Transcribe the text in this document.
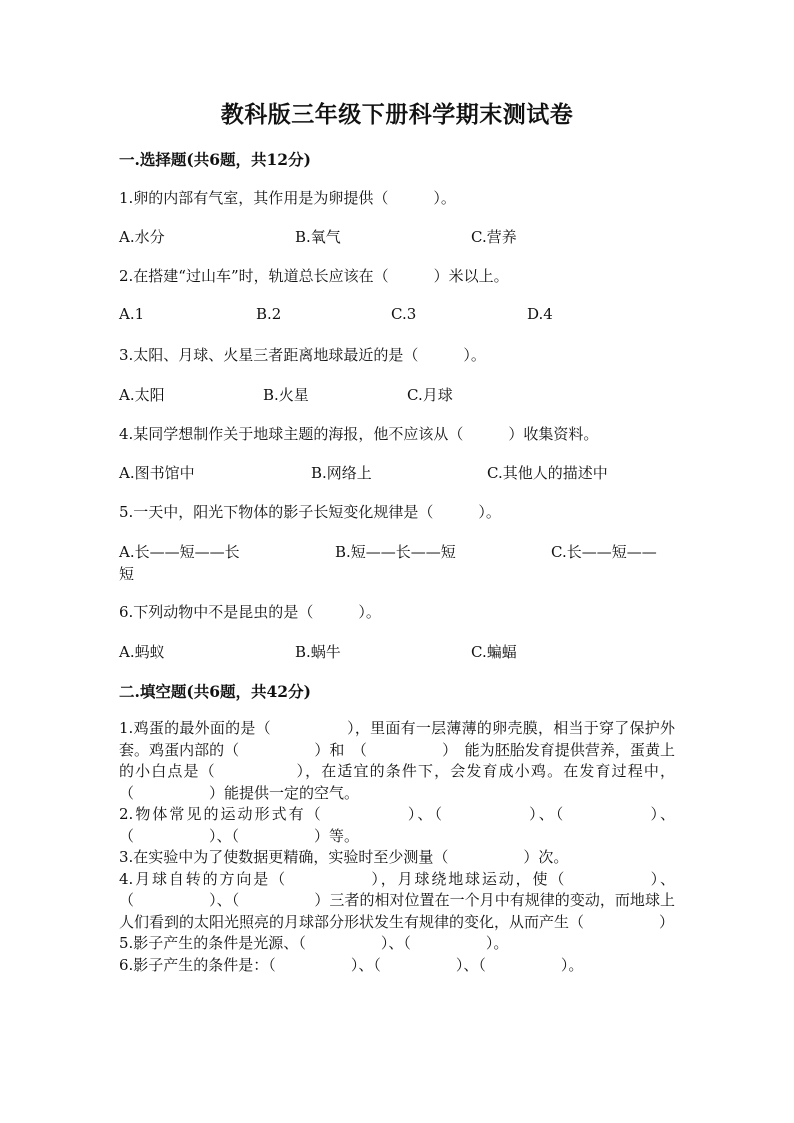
教科版三年级下册科学期末测试卷
一.选择题(共6题，共12分)
1.卵的内部有气室，其作用是为卵提供（　　　）。
A.水分	B.氧气	C.营养
2.在搭建“过山车”时，轨道总长应该在（　　　）米以上。
A.1	B.2	C.3	D.4
3.太阳、月球、火星三者距离地球最近的是（　　　）。
A.太阳	B.火星	C.月球
4.某同学想制作关于地球主题的海报，他不应该从（　　　）收集资料。
A.图书馆中	B.网络上	C.其他人的描述中
5.一天中，阳光下物体的影子长短变化规律是（　　　）。
A.长——短——长	B.短——长——短	C.长——短——
短
6.下列动物中不是昆虫的是（　　　）。
A.蚂蚁	B.蜗牛	C.蝙蝠
二.填空题(共6题，共42分)

1.鸡蛋的最外面的是（　　　　　），里面有一层薄薄的卵壳膜，相当于穿了保护外套。鸡蛋内部的（　　　　　）和　（　　　　　）　能为胚胎发育提供营养，蛋黄上的小白点是（　　　　　），在适宜的条件下，会发育成小鸡。在发育过程中，（　　　　　）能提供一定的空气。

2.物体常见的运动形式有（　　　　　）、（　　　　　）、（　　　　　）、（　　　　　）、（　　　　　）等。

3.在实验中为了使数据更精确，实验时至少测量（　　　　　）次。

4.月球自转的方向是（　　　　　），月球绕地球运动，使（　　　　　）、（　　　　　）、（　　　　　）三者的相对位置在一个月中有规律的变动，而地球上人们看到的太阳光照亮的月球部分形状发生有规律的变化，从而产生（　　　　　）

5.影子产生的条件是光源、（　　　　　）、（　　　　　）。

6.影子产生的条件是：（　　　　　）、（　　　　　）、（　　　　　）。
